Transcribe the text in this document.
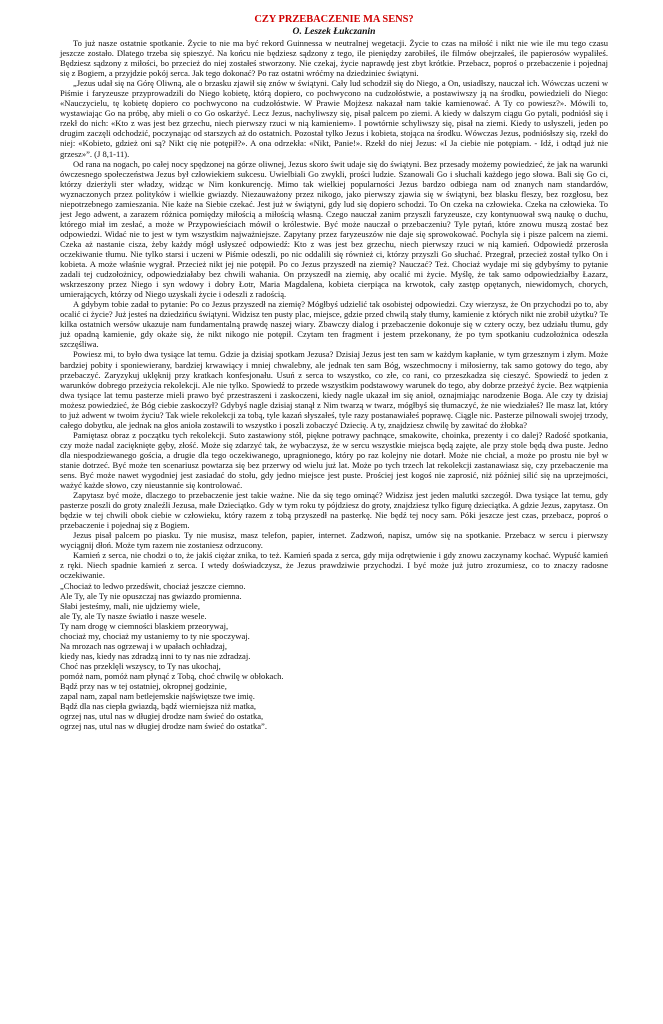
CZY PRZEBACZENIE MA SENS?

O. Leszek Łukczanin

To już nasze ostatnie spotkanie. Życie to nie ma być rekord Guinnessa w neutralnej wegetacji. Życie to czas na miłość i nikt nie wie ile mu tego czasu jeszcze zostało. Dlatego trzeba się spieszyć. Na końcu nie będziesz sądzony z tego, ile pieniędzy zarobiłeś, ile filmów obejrzałeś, ile papierosów wypaliłeś. Będziesz sądzony z miłości, bo przecież do niej zostałeś stworzony. Nie czekaj, życie naprawdę jest zbyt krótkie. Przebacz, poproś o przebaczenie i pojednaj się z Bogiem, a przyjdzie pokój serca. Jak tego dokonać? Po raz ostatni wróćmy na dziedziniec świątyni.

„Jezus udał się na Górę Oliwną, ale o brzasku zjawił się znów w świątyni. Cały lud schodził się do Niego, a On, usiadłszy, nauczał ich. Wówczas uczeni w Piśmie i faryzeusze przyprowadzili do Niego kobietę, którą dopiero, co pochwycono na cudzołóstwie, a postawiwszy ją na środku, powiedzieli do Niego: «Nauczycielu, tę kobietę dopiero co pochwycono na cudzołóstwie. W Prawie Mojżesz nakazał nam takie kamienować. A Ty co powiesz?». Mówili to, wystawiając Go na próbę, aby mieli o co Go oskarżyć. Lecz Jezus, nachyliwszy się, pisał palcem po ziemi. A kiedy w dalszym ciągu Go pytali, podniósł się i rzekł do nich: «Kto z was jest bez grzechu, niech pierwszy rzuci w nią kamieniem». I powtórnie schyliwszy się, pisał na ziemi. Kiedy to usłyszeli, jeden po drugim zaczęli odchodzić, poczynając od starszych aż do ostatnich. Pozostał tylko Jezus i kobieta, stojąca na środku. Wówczas Jezus, podniósłszy się, rzekł do niej: «Kobieto, gdzież oni są? Nikt cię nie potępił?». A ona odrzekła: «Nikt, Panie!». Rzekł do niej Jezus: «I Ja ciebie nie potępiam. - Idź, i odtąd już nie grzesz»”. (J 8,1-11).

Od rana na nogach, po całej nocy spędzonej na górze oliwnej, Jezus skoro świt udaje się do świątyni. Bez przesady możemy powiedzieć, że jak na warunki ówczesnego społeczeństwa Jezus był człowiekiem sukcesu. Uwielbiali Go zwykli, prości ludzie. Szanowali Go i słuchali każdego jego słowa. Bali się Go ci, którzy dzierżyli ster władzy, widząc w Nim konkurencję. Mimo tak wielkiej popularności Jezus bardzo odbiega nam od znanych nam standardów, wyznaczonych przez polityków i wielkie gwiazdy. Niezauważony przez nikogo, jako pierwszy zjawia się w świątyni, bez blasku fleszy, bez rozgłosu, bez niepotrzebnego zamieszania. Nie każe na Siebie czekać. Jest już w świątyni, gdy lud się dopiero schodzi. To On czeka na człowieka. Czeka na człowieka. To jest Jego adwent, a zarazem różnica pomiędzy miłością a miłością własną. Czego nauczał zanim przyszli faryzeusze, czy kontynuował swą naukę o duchu, którego miał im zesłać, a może w Przypowieściach mówił o królestwie. Być może nauczał o przebaczeniu? Tyle pytań, które znowu muszą zostać bez odpowiedzi. Widać nie to jest w tym wszystkim najważniejsze. Zapytany przez faryzeuszów nie daje się sprowokować. Pochyla się i pisze palcem na ziemi. Czeka aż nastanie cisza, żeby każdy mógł usłyszeć odpowiedź: Kto z was jest bez grzechu, niech pierwszy rzuci w nią kamień. Odpowiedź przerosła oczekiwanie tłumu. Nie tylko starsi i uczeni w Piśmie odeszli, po nic oddalili się również ci, którzy przyszli Go słuchać. Przegrał, przecież został tylko On i kobieta. A może właśnie wygrał. Przecież nikt jej nie potępił. Po co Jezus przyszedł na ziemię? Nauczać? Też. Chociaż wydaje mi się gdybyśmy to pytanie zadali tej cudzołożnicy, odpowiedziałaby bez chwili wahania. On przyszedł na ziemię, aby ocalić mi życie. Myślę, że tak samo odpowiedziałby Łazarz, wskrzeszony przez Niego i syn wdowy i dobry Łotr, Maria Magdalena, kobieta cierpiąca na krwotok, cały zastęp opętanych, niewidomych, chorych, umierających, którzy od Niego uzyskali życie i odeszli z radością.

A gdybym tobie zadał to pytanie: Po co Jezus przyszedł na ziemię? Mógłbyś udzielić tak osobistej odpowiedzi. Czy wierzysz, że On przychodzi po to, aby ocalić ci życie? Już jesteś na dziedzińcu świątyni. Widzisz ten pusty plac, miejsce, gdzie przed chwilą stały tłumy, kamienie z których nikt nie zrobił użytku? Te kilka ostatnich wersów ukazuje nam fundamentalną prawdę naszej wiary. Zbawczy dialog i przebaczenie dokonuje się w cztery oczy, bez udziału tłumu, gdy już opadną kamienie, gdy okaże się, że nikt nikogo nie potępił. Czytam ten fragment i jestem przekonany, że po tym spotkaniu cudzołożnica odeszła szczęśliwa.

Powiesz mi, to było dwa tysiące lat temu. Gdzie ja dzisiaj spotkam Jezusa? Dzisiaj Jezus jest ten sam w każdym kapłanie, w tym grzesznym i złym. Może bardziej pobity i sponiewierany, bardziej krwawiący i mniej chwalebny, ale jednak ten sam Bóg, wszechmocny i miłosierny, tak samo gotowy do tego, aby przebaczyć. Zaryzykuj uklęknij przy kratkach konfesjonału. Usuń z serca to wszystko, co złe, co rani, co przeszkadza się cieszyć. Spowiedź to jeden z warunków dobrego przeżycia rekolekcji. Ale nie tylko. Spowiedź to przede wszystkim podstawowy warunek do tego, aby dobrze przeżyć życie. Bez wątpienia dwa tysiące lat temu pasterze mieli prawo być przestraszeni i zaskoczeni, kiedy nagle ukazał im się anioł, oznajmiając narodzenie Boga. Ale czy ty dzisiaj możesz powiedzieć, że Bóg ciebie zaskoczył? Gdybyś nagle dzisiaj stanął z Nim twarzą w twarz, mógłbyś się tłumaczyć, że nie wiedziałeś? Ile masz lat, który to już adwent w twoim życiu? Tak wiele rekolekcji za tobą, tyle kazań słyszałeś, tyle razy postanawiałeś poprawę. Ciągle nic. Pasterze pilnowali swojej trzody, całego dobytku, ale jednak na głos anioła zostawili to wszystko i poszli zobaczyć Dziecię. A ty, znajdziesz chwilę by zawitać do żłobka?

Pamiętasz obraz z początku tych rekolekcji. Suto zastawiony stół, piękne potrawy pachnące, smakowite, choinka, prezenty i co dalej? Radość spotkania, czy może nadal zacięknięte gęby, złość. Może się zdarzyć tak, że wybaczysz, że w sercu wszystkie miejsca będą zajęte, ale przy stole będą dwa puste. Jedno dla niespodziewanego gościa, a drugie dla tego oczekiwanego, upragnionego, który po raz kolejny nie dotarł. Może nie chciał, a może po prostu nie był w stanie dotrzeć. Być może ten scenariusz powtarza się bez przerwy od wielu już lat. Może po tych trzech lat rekolekcji zastanawiasz się, czy przebaczenie ma sens. Być może nawet wygodniej jest zasiadać do stołu, gdy jedno miejsce jest puste. Prościej jest kogoś nie zaprosić, niż później silić się na uprzejmości, ważyć każde słowo, czy nieustannie się kontrolować.

Zapytasz być może, dlaczego to przebaczenie jest takie ważne. Nie da się tego ominąć? Widzisz jest jeden malutki szczegół. Dwa tysiące lat temu, gdy pasterze poszli do groty znaleźli Jezusa, małe Dzieciątko. Gdy w tym roku ty pójdziesz do groty, znajdziesz tylko figurę dzieciątka. A gdzie Jezus, zapytasz. On będzie w tej chwili obok ciebie w człowieku, który razem z tobą przyszedł na pasterkę. Nie będź tej nocy sam. Póki jeszcze jest czas, przebacz, poproś o przebaczenie i pojednaj się z Bogiem.

Jezus pisał palcem po piasku. Ty nie musisz, masz telefon, papier, internet. Zadzwoń, napisz, umów się na spotkanie. Przebacz w sercu i pierwszy wyciągnij dłoń. Może tym razem nie zostaniesz odrzucony.

Kamień z serca, nie chodzi o to, że jakiś ciężar znika, to też. Kamień spada z serca, gdy mija odrętwienie i gdy znowu zaczynamy kochać. Wypuść kamień z ręki. Niech spadnie kamień z serca. I wtedy doświadczysz, że Jezus prawdziwie przychodzi. I być może już jutro zrozumiesz, co to znaczy radosne oczekiwanie.

„Chociaż to ledwo przedświt, chociaż jeszcze ciemno.
Ale Ty, ale Ty nie opuszczaj nas gwiazdo promienna.
Słabi jesteśmy, mali, nie ujdziemy wiele,
ale Ty, ale Ty nasze światło i nasze wesele.
Ty nam drogę w ciemności blaskiem przeorywaj,
chociaż my, chociaż my ustaniemy to ty nie spoczywaj.
Na mrozach nas ogrzewaj i w upałach ochładzaj,
kiedy nas, kiedy nas zdradzą inni to ty nas nie zdradzaj.
Choć nas przeklęli wszyscy, to Ty nas ukochaj,
pomóż nam, pomóż nam płynąć z Tobą, choć chwilę w obłokach.
Bądź przy nas w tej ostatniej, okropnej godzinie,
zapal nam, zapal nam betlejemskie najświętsze twe imię.
Bądź dla nas ciepła gwiazdą, bądź wierniejsza niż matka,
ogrzej nas, utul nas w długiej drodze nam świeć do ostatka,
ogrzej nas, utul nas w długiej drodze nam świeć do ostatka”.
